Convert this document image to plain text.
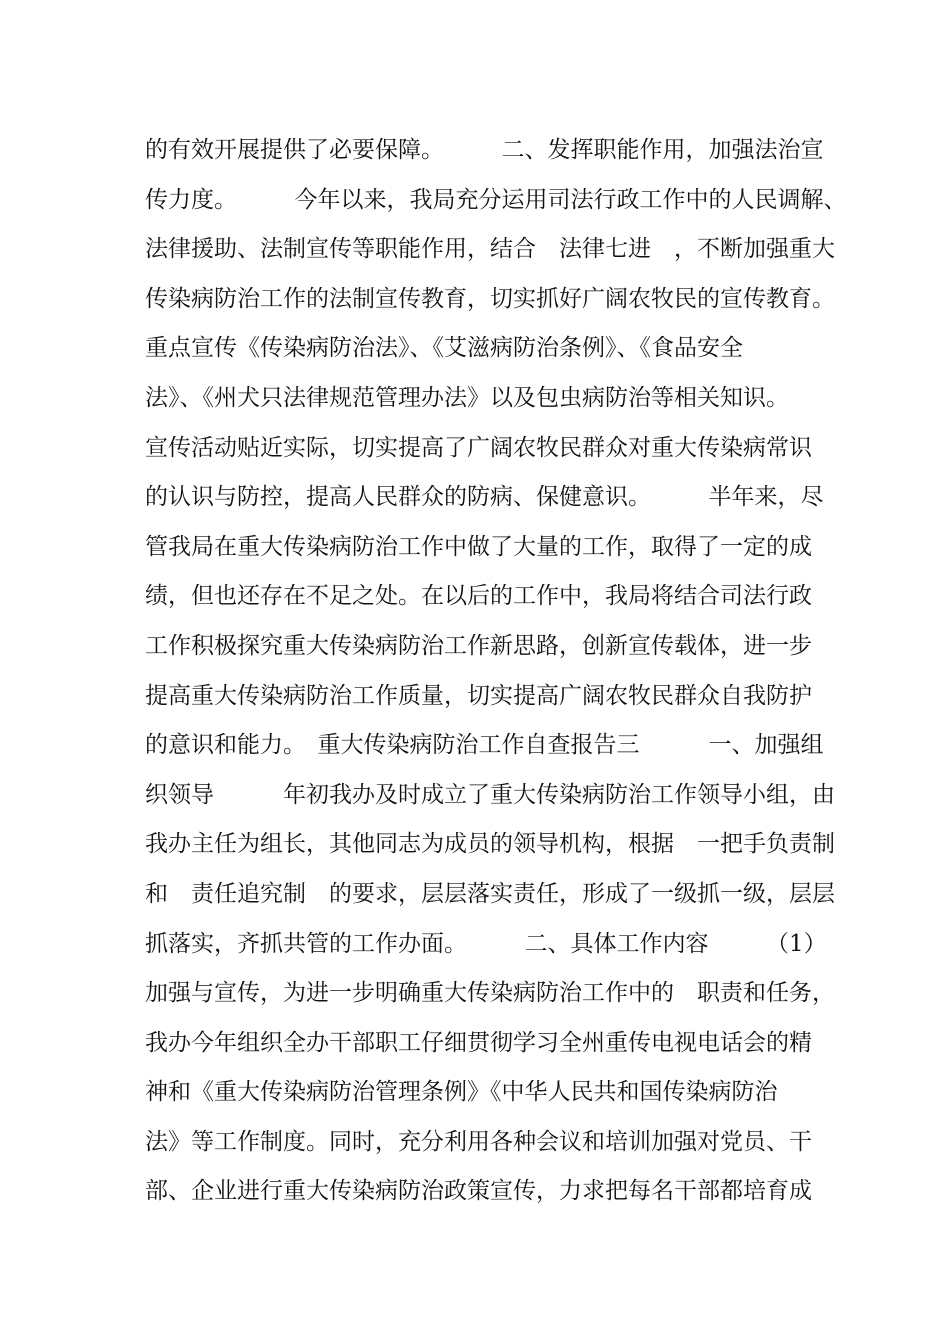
的有效开展提供了必要保障。　　　二、发挥职能作用，加强法治宣
传力度。　　　今年以来，我局充分运用司法行政工作中的人民调解、
法律援助、法制宣传等职能作用，结合　法律七进　，不断加强重大
传染病防治工作的法制宣传教育，切实抓好广阔农牧民的宣传教育。
重点宣传《传染病防治法》、《艾滋病防治条例》、《食品安全
法》、《州犬只法律规范管理办法》以及包虫病防治等相关知识。
宣传活动贴近实际，切实提高了广阔农牧民群众对重大传染病常识
的认识与防控，提高人民群众的防病、保健意识。　　　半年来，尽
管我局在重大传染病防治工作中做了大量的工作，取得了一定的成
绩，但也还存在不足之处。在以后的工作中，我局将结合司法行政
工作积极探究重大传染病防治工作新思路，创新宣传载体，进一步
提高重大传染病防治工作质量，切实提高广阔农牧民群众自我防护
的意识和能力。　重大传染病防治工作自查报告三　　　一、加强组
织领导　　　年初我办及时成立了重大传染病防治工作领导小组，由
我办主任为组长，其他同志为成员的领导机构，根据　一把手负责制
和　责任追究制　的要求，层层落实责任，形成了一级抓一级，层层
抓落实，齐抓共管的工作办面。　　　二、具体工作内容　　　（1）
加强与宣传，为进一步明确重大传染病防治工作中的　职责和任务，
我办今年组织全办干部职工仔细贯彻学习全州重传电视电话会的精
神和《重大传染病防治管理条例》《中华人民共和国传染病防治
法》等工作制度。同时，充分利用各种会议和培训加强对党员、干
部、企业进行重大传染病防治政策宣传，力求把每名干部都培育成
